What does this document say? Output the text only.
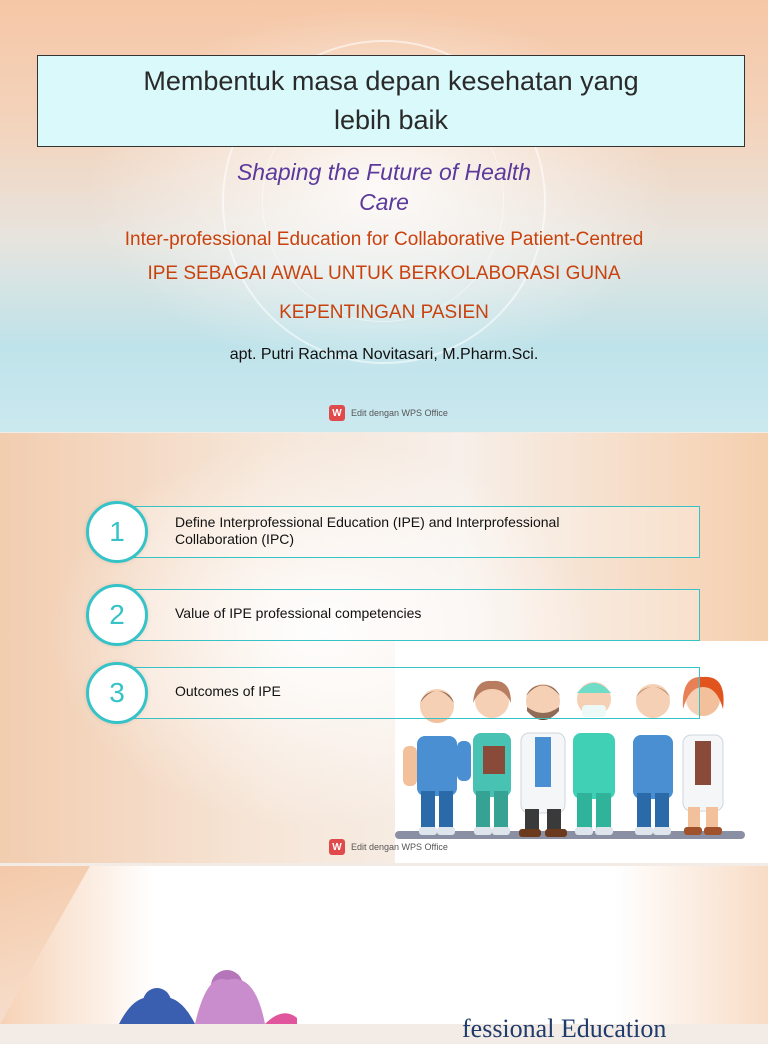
Membentuk masa depan kesehatan yang
lebih baik
Shaping the Future of Health
Care
Inter-professional Education for Collaborative Patient-Centred
IPE SEBAGAI AWAL UNTUK BERKOLABORASI GUNA
KEPENTINGAN PASIEN
apt. Putri Rachma Novitasari, M.Pharm.Sci.
W	Edit dengan WPS Office
1	Define Interprofessional Education (IPE) and Interprofessional
Collaboration (IPC)
2	Value of IPE professional competencies
3	Outcomes of IPE
W	Edit dengan WPS Office
fessional Education
